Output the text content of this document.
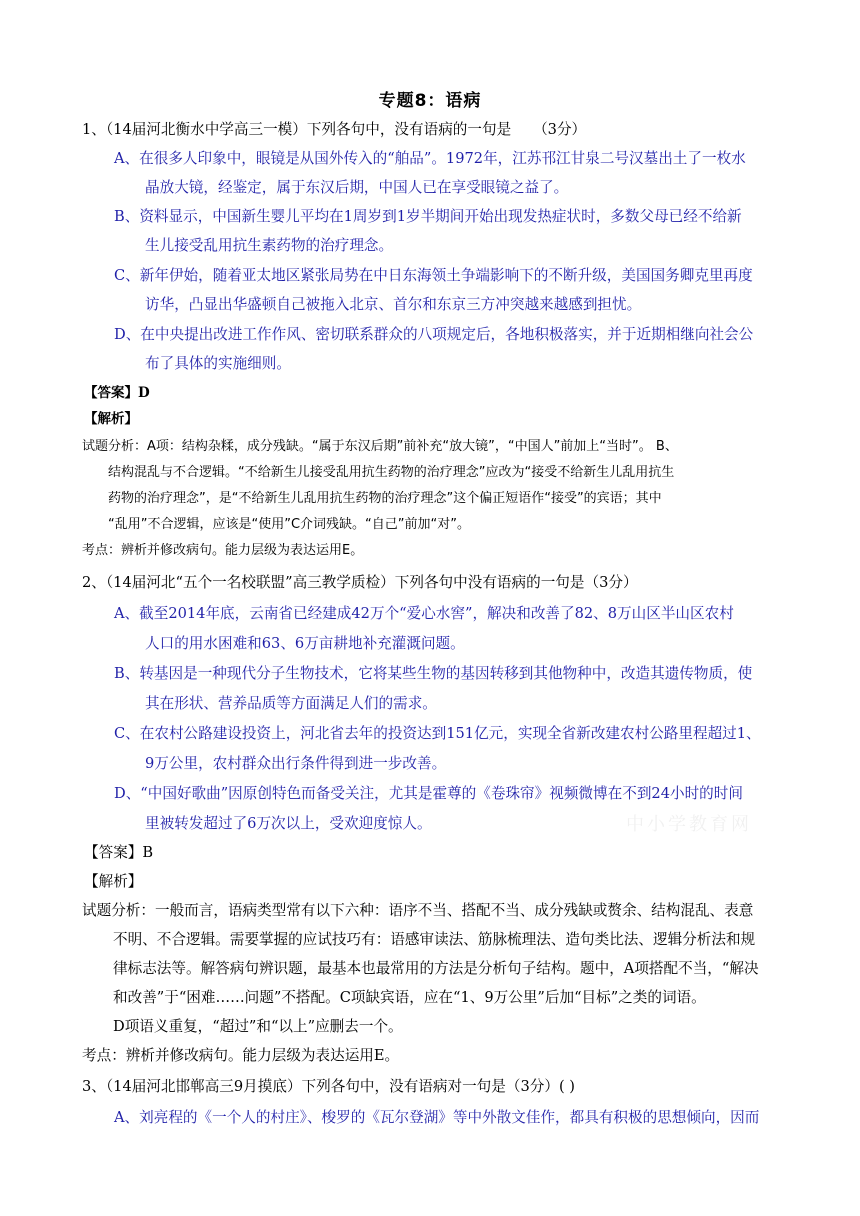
专题8：语病
1、（14届河北衡水中学高三一模）下列各句中，没有语病的一句是　　（3分）
A、在很多人印象中，眼镜是从国外传入的“舶品”。1972年，江苏邗江甘泉二号汉墓出土了一枚水
晶放大镜，经鉴定，属于东汉后期，中国人已在享受眼镜之益了。
B、资料显示，中国新生婴儿平均在1周岁到1岁半期间开始出现发热症状时，多数父母已经不给新
生儿接受乱用抗生素药物的治疗理念。
C、新年伊始，随着亚太地区紧张局势在中日东海领土争端影响下的不断升级，美国国务卿克里再度
访华，凸显出华盛顿自己被拖入北京、首尔和东京三方冲突越来越感到担忧。
D、在中央提出改进工作作风、密切联系群众的八项规定后，各地积极落实，并于近期相继向社会公
布了具体的实施细则。
【答案】D
【解析】
试题分析：A项：结构杂糅，成分残缺。“属于东汉后期”前补充“放大镜”，“中国人”前加上“当时”。 B、
结构混乱与不合逻辑。“不给新生儿接受乱用抗生药物的治疗理念”应改为“接受不给新生儿乱用抗生
药物的治疗理念”，是“不给新生儿乱用抗生药物的治疗理念”这个偏正短语作“接受”的宾语；其中
“乱用”不合逻辑，应该是“使用”C介词残缺。“自己”前加“对”。
考点：辨析并修改病句。能力层级为表达运用E。
2、（14届河北“五个一名校联盟”高三教学质检）下列各句中没有语病的一句是（3分）
A、截至2014年底，云南省已经建成42万个“爱心水窖”，解决和改善了82、8万山区半山区农村
人口的用水困难和63、6万亩耕地补充灌溉问题。
B、转基因是一种现代分子生物技术，它将某些生物的基因转移到其他物种中，改造其遗传物质，使
其在形状、营养品质等方面满足人们的需求。
C、在农村公路建设投资上，河北省去年的投资达到151亿元，实现全省新改建农村公路里程超过1、
9万公里，农村群众出行条件得到进一步改善。
D、“中国好歌曲”因原创特色而备受关注，尤其是霍尊的《卷珠帘》视频微博在不到24小时的时间
里被转发超过了6万次以上，受欢迎度惊人。	中小学教育网
【答案】B
【解析】
试题分析：一般而言，语病类型常有以下六种：语序不当、搭配不当、成分残缺或赘余、结构混乱、表意
不明、不合逻辑。需要掌握的应试技巧有：语感审读法、筋脉梳理法、造句类比法、逻辑分析法和规
律标志法等。解答病句辨识题，最基本也最常用的方法是分析句子结构。题中，A项搭配不当，“解决
和改善”于“困难……问题”不搭配。C项缺宾语，应在“1、9万公里”后加“目标”之类的词语。
D项语义重复，“超过”和“以上”应删去一个。
考点：辨析并修改病句。能力层级为表达运用E。
3、（14届河北邯郸高三9月摸底）下列各句中，没有语病对一句是（3分）( )
A、刘亮程的《一个人的村庄》、梭罗的《瓦尔登湖》等中外散文佳作，都具有积极的思想倾向，因而
